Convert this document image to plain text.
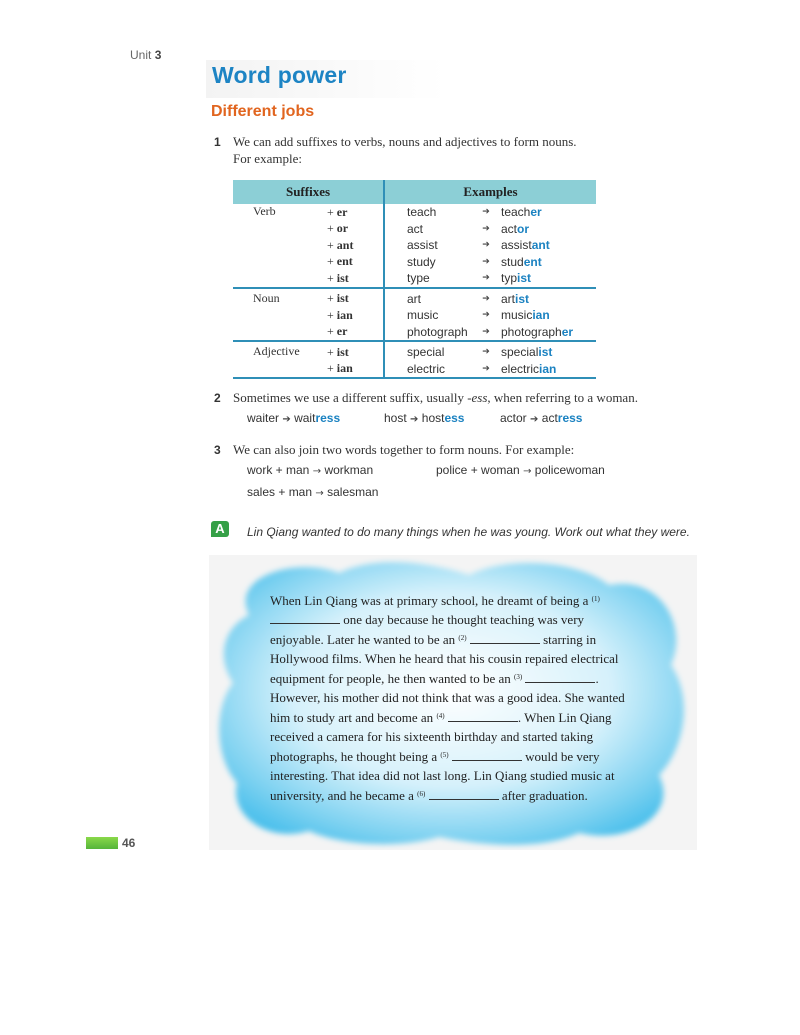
Unit 3
Word power
Different jobs
1 We can add suffixes to verbs, nouns and adjectives to form nouns.
For example:
Suffixes		Examples		
Verb	+ er	teach	➔	teacher
	+ or	act	➔	actor
	+ ant	assist	➔	assistant
	+ ent	study	➔	student
	+ ist	type	➔	typist
Noun	+ ist	art	➔	artist
	+ ian	music	➔	musician
	+ er	photograph	➔	photographer
Adjective	+ ist	special	➔	specialist
	+ ian	electric	➔	electrician
2 Sometimes we use a different suffix, usually -ess, when referring to a woman.
waiter ➔ waitress	host ➔ hostess	actor ➔ actress
3 We can also join two words together to form nouns. For example:
work + man → workman	police + woman → policewoman
sales + man → salesman
A	Lin Qiang wanted to do many things when he was young. Work out what they were.
When Lin Qiang was at primary school, he dreamt of being a $^{(1)}$  one day because he thought teaching was very enjoyable. Later he wanted to be an $^{(2)}$	starring in Hollywood films. When he heard that his cousin repaired electrical equipment for people, he then wanted to be an $^{(3)}$	. However, his mother did not think that was a good idea. She wanted him to study art and become an $^{(4)}$	. When Lin Qiang received a camera for his sixteenth birthday and started taking photographs, he thought being a $^{(5)}$	would be very interesting. That idea did not last long. Lin Qiang studied music at university, and he became a $^{(6)}$	after graduation.
46
